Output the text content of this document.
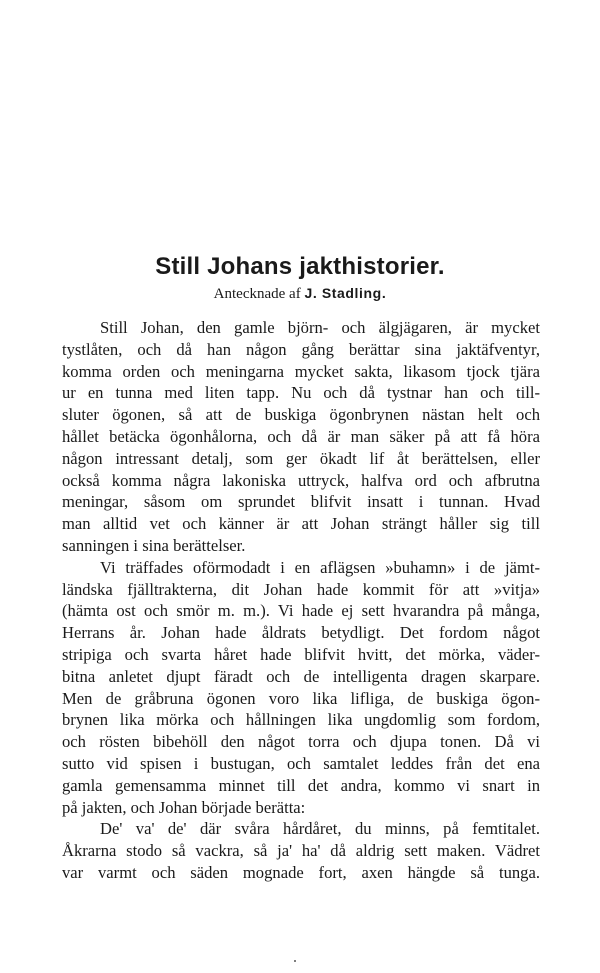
Still Johans jakthistorier.

Antecknade af J. Stadling.

Still Johan, den gamle björn- och älgjägaren, är mycket
tystlåten, och då han någon gång berättar sina jaktäfventyr,
komma orden och meningarna mycket sakta, likasom tjock tjära
ur en tunna med liten tapp. Nu och då tystnar han och till-
sluter ögonen, så att de buskiga ögonbrynen nästan helt och
hållet betäcka ögonhålorna, och då är man säker på att få höra
någon intressant detalj, som ger ökadt lif åt berättelsen, eller
också komma några lakoniska uttryck, halfva ord och afbrutna
meningar, såsom om sprundet blifvit insatt i tunnan. Hvad
man alltid vet och känner är att Johan strängt håller sig till
sanningen i sina berättelser.
Vi träffades oförmodadt i en aflägsen »buhamn» i de jämt-
ländska fjälltrakterna, dit Johan hade kommit för att »vitja»
(hämta ost och smör m. m.). Vi hade ej sett hvarandra på många,
Herrans år. Johan hade åldrats betydligt. Det fordom något
stripiga och svarta håret hade blifvit hvitt, det mörka, väder-
bitna anletet djupt färadt och de intelligenta dragen skarpare.
Men de gråbruna ögonen voro lika lifliga, de buskiga ögon-
brynen lika mörka och hållningen lika ungdomlig som fordom,
och rösten bibehöll den något torra och djupa tonen. Då vi
sutto vid spisen i bustugan, och samtalet leddes från det ena
gamla gemensamma minnet till det andra, kommo vi snart in
på jakten, och Johan började berätta:
De' va' de' där svåra hårdåret, du minns, på femtitalet.
Åkrarna stodo så vackra, så ja' ha' då aldrig sett maken. Vädret
var varmt och säden mognade fort, axen hängde så tunga.
